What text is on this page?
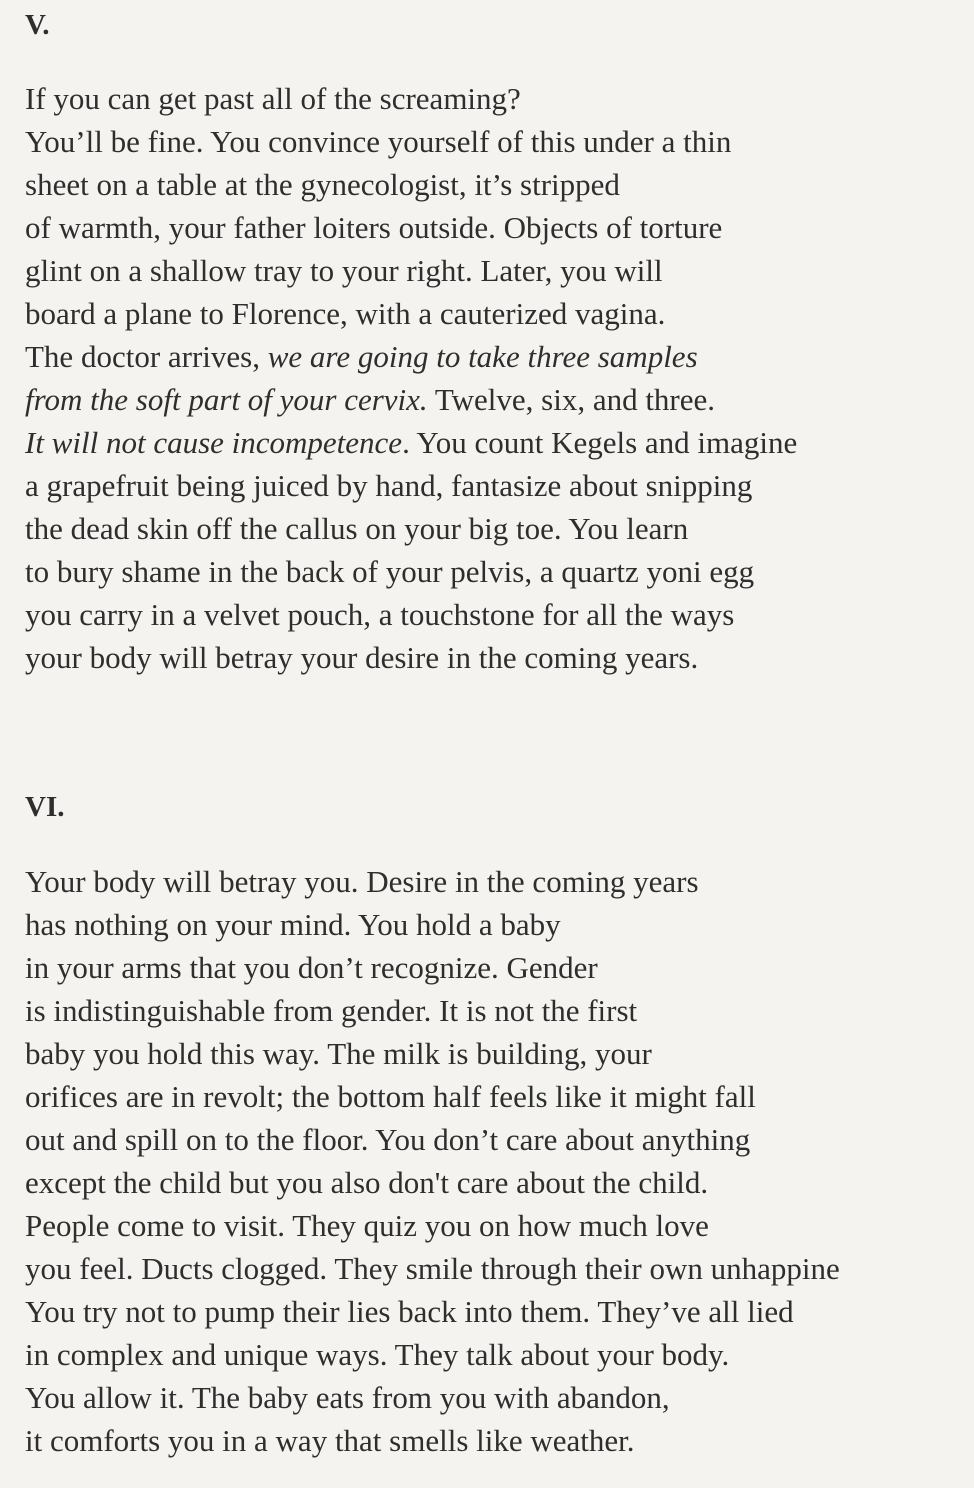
V.
If you can get past all of the screaming?
You’ll be fine. You convince yourself of this under a thin
sheet on a table at the gynecologist, it’s stripped
of warmth, your father loiters outside. Objects of torture
glint on a shallow tray to your right. Later, you will
board a plane to Florence, with a cauterized vagina.
The doctor arrives, we are going to take three samples
from the soft part of your cervix. Twelve, six, and three.
It will not cause incompetence. You count Kegels and imagine
a grapefruit being juiced by hand, fantasize about snipping
the dead skin off the callus on your big toe. You learn
to bury shame in the back of your pelvis, a quartz yoni egg
you carry in a velvet pouch, a touchstone for all the ways
your body will betray your desire in the coming years.
VI.
Your body will betray you. Desire in the coming years
has nothing on your mind. You hold a baby
in your arms that you don’t recognize. Gender
is indistinguishable from gender. It is not the first
baby you hold this way. The milk is building, your
orifices are in revolt; the bottom half feels like it might fall
out and spill on to the floor. You don’t care about anything
except the child but you also don't care about the child.
People come to visit. They quiz you on how much love
you feel. Ducts clogged. They smile through their own unhappine
You try not to pump their lies back into them. They’ve all lied
in complex and unique ways. They talk about your body.
You allow it. The baby eats from you with abandon,
it comforts you in a way that smells like weather.
